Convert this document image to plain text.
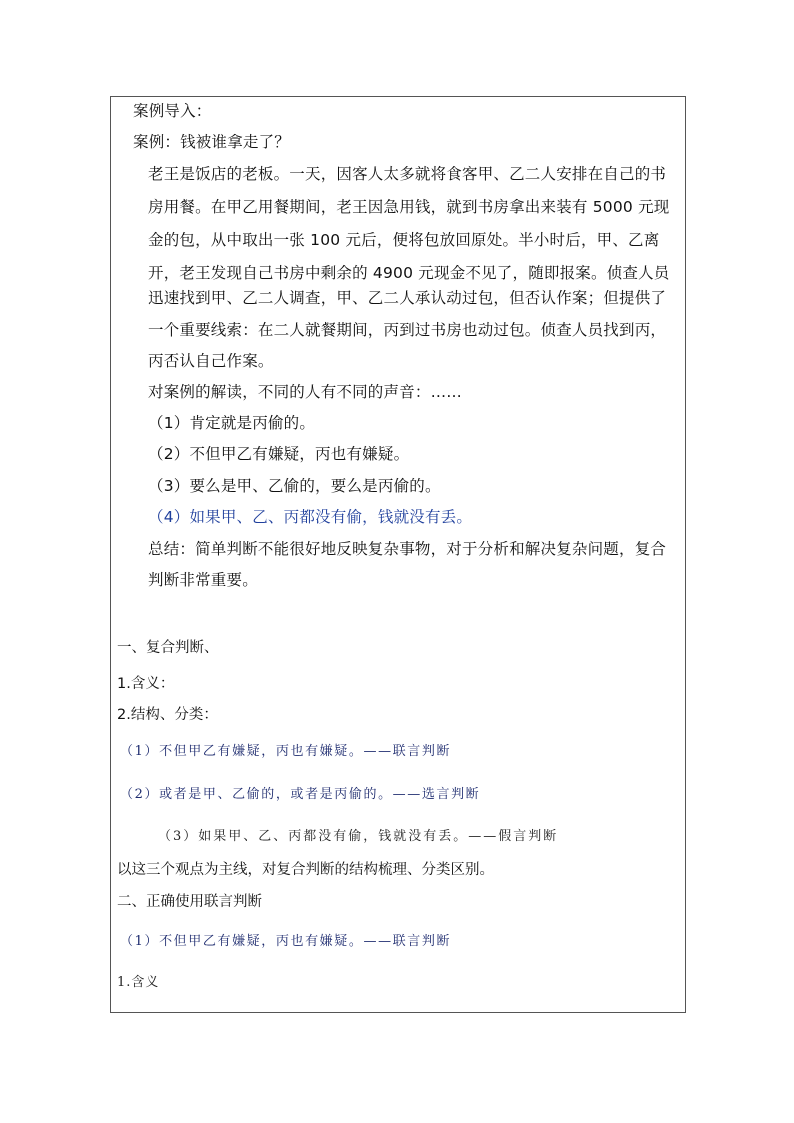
案例导入：
案例：钱被谁拿走了？
老王是饭店的老板。一天，因客人太多就将食客甲、乙二人安排在自己的书
房用餐。在甲乙用餐期间，老王因急用钱，就到书房拿出来装有 5000 元现
金的包，从中取出一张 100 元后，便将包放回原处。半小时后，甲、乙离
开，老王发现自己书房中剩余的 4900 元现金不见了，随即报案。侦查人员
迅速找到甲、乙二人调查，甲、乙二人承认动过包，但否认作案；但提供了
一个重要线索：在二人就餐期间，丙到过书房也动过包。侦查人员找到丙，
丙否认自己作案。
对案例的解读，不同的人有不同的声音：……
（1）肯定就是丙偷的。
（2）不但甲乙有嫌疑，丙也有嫌疑。
（3）要么是甲、乙偷的，要么是丙偷的。
（4）如果甲、乙、丙都没有偷，钱就没有丢。
总结：简单判断不能很好地反映复杂事物，对于分析和解决复杂问题，复合
判断非常重要。
一、复合判断、
1.含义：
2.结构、分类：
（1）不但甲乙有嫌疑，丙也有嫌疑。——联言判断
（2）或者是甲、乙偷的，或者是丙偷的。——选言判断
（3）如果甲、乙、丙都没有偷，钱就没有丢。——假言判断
以这三个观点为主线，对复合判断的结构梳理、分类区别。
二、正确使用联言判断
（1）不但甲乙有嫌疑，丙也有嫌疑。——联言判断
1.含义
